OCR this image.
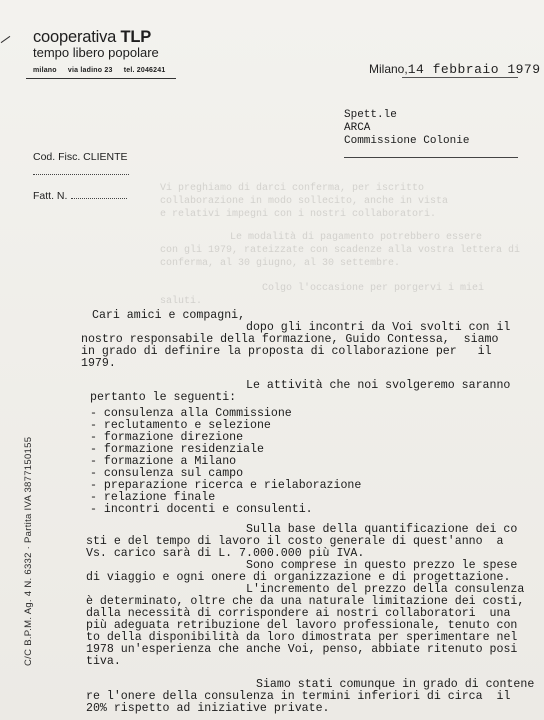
cooperativa TLP
tempo libero popolare
milano via ladino 23 tel. 2046241	Milano,14 febbraio 1979
Spett.le
ARCA
Commissione Colonie
Cod. Fisc. CLIENTE
Fatt. N.
Vi preghiamo di darci conferma, per iscritto
collaborazione in modo sollecito, anche in vista
e relativi impegni con i nostri collaboratori.
Le modalità di pagamento potrebbero essere
con gli 1979, rateizzate con scadenze alla vostra lettera di
conferma, al 30 giugno, al 30 settembre.
Colgo l'occasione per porgervi i miei
saluti.
Cari amici e compagni,
dopo gli incontri da Voi svolti con il
nostro responsabile della formazione, Guido Contessa,  siamo
in grado di definire la proposta di collaborazione per   il
1979.
Le attività che noi svolgeremo saranno
pertanto le seguenti:
- consulenza alla Commissione
- reclutamento e selezione
- formazione direzione
- formazione residenziale
- formazione a Milano
- consulenza sul campo
- preparazione ricerca e rielaborazione
- relazione finale
- incontri docenti e consulenti.
Sulla base della quantificazione dei co
sti e del tempo di lavoro il costo generale di quest'anno  a
Vs. carico sarà di L. 7.000.000 più IVA.
Sono comprese in questo prezzo le spese
di viaggio e ogni onere di organizzazione e di progettazione.
L'incremento del prezzo della consulenza
è determinato, oltre che da una naturale limitazione dei costi,
dalla necessità di corrispondere ai nostri collaboratori  una
più adeguata retribuzione del lavoro professionale, tenuto con
to della disponibilità da loro dimostrata per sperimentare nel
1978 un'esperienza che anche Voi, penso, abbiate ritenuto posi
tiva.
Siamo stati comunque in grado di contene
re l'onere della consulenza in termini inferiori di circa  il
20% rispetto ad iniziative private.
C/C B.P.M. Ag. 4 N. 6332 · Partita IVA 3877150155
